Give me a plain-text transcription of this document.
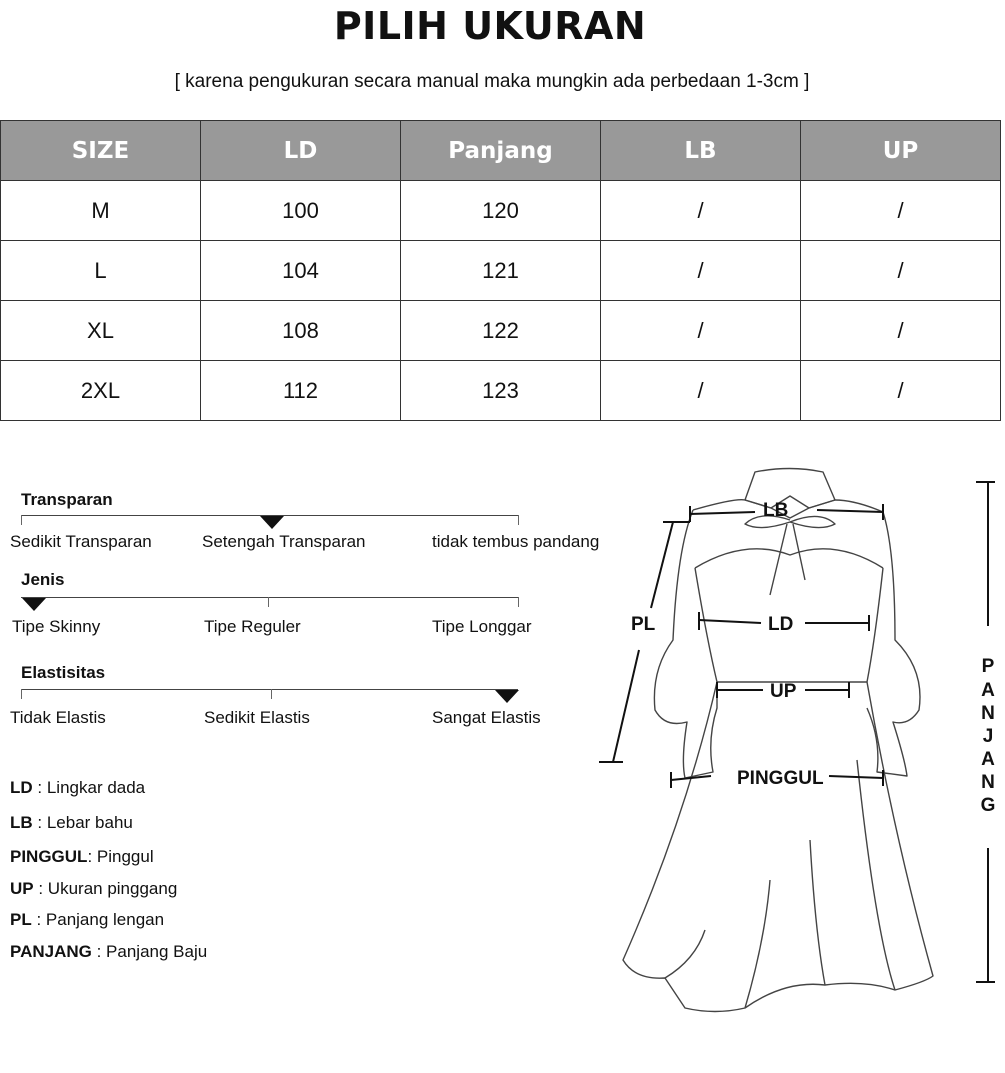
PILIH UKURAN
[ karena pengukuran secara manual maka mungkin ada perbedaan 1-3cm ]
SIZE	LD	Panjang	LB	UP
M	100	120	/	/
L	104	121	/	/
XL	108	122	/	/
2XL	112	123	/	/
Transparan
Sedikit Transparan	Setengah Transparan	tidak tembus pandang
Jenis
Tipe Skinny	Tipe Reguler	Tipe Longgar
Elastisitas
Tidak Elastis	Sedikit Elastis	Sangat Elastis
LD : Lingkar dada
LB : Lebar bahu
PINGGUL: Pinggul
UP : Ukuran pinggang
PL : Panjang lengan
PANJANG : Panjang Baju
LB
PL	LD
UP
PINGGUL
P
A
N
J
A
N
G
